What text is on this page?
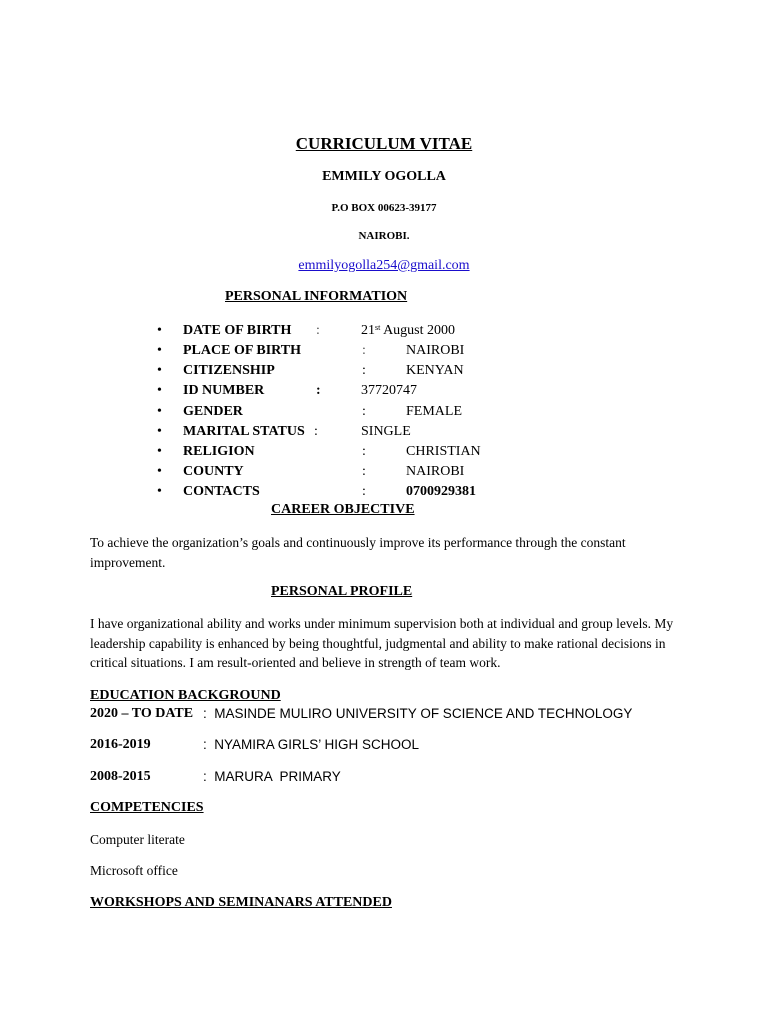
CURRICULUM VITAE
EMMILY OGOLLA
P.O BOX 00623-39177
NAIROBI.
emmilyogolla254@gmail.com
PERSONAL INFORMATION
• DATE OF BIRTH :	21st August 2000
• PLACE OF BIRTH	:	NAIROBI
• CITIZENSHIP	:	KENYAN
• ID NUMBER	:	37720747
• GENDER	:	FEMALE
• MARITAL STATUS :	SINGLE
• RELIGION	:	CHRISTIAN
• COUNTY	:	NAIROBI
• CONTACTS	:	0700929381
CAREER OBJECTIVE
To achieve the organization’s goals and continuously improve its performance through the constant improvement.
PERSONAL PROFILE
I have organizational ability and works under minimum supervision both at individual and group levels. My leadership capability is enhanced by being thoughtful, judgmental and ability to make rational decisions in critical situations. I am result-oriented and believe in strength of team work.
EDUCATION BACKGROUND
2020 – TO DATE : MASINDE MULIRO UNIVERSITY OF SCIENCE AND TECHNOLOGY
2016-2019	: NYAMIRA GIRLS’ HIGH SCHOOL
2008-2015	: MARURA  PRIMARY
COMPETENCIES
Computer literate
Microsoft office
WORKSHOPS AND SEMINANARS ATTENDED
